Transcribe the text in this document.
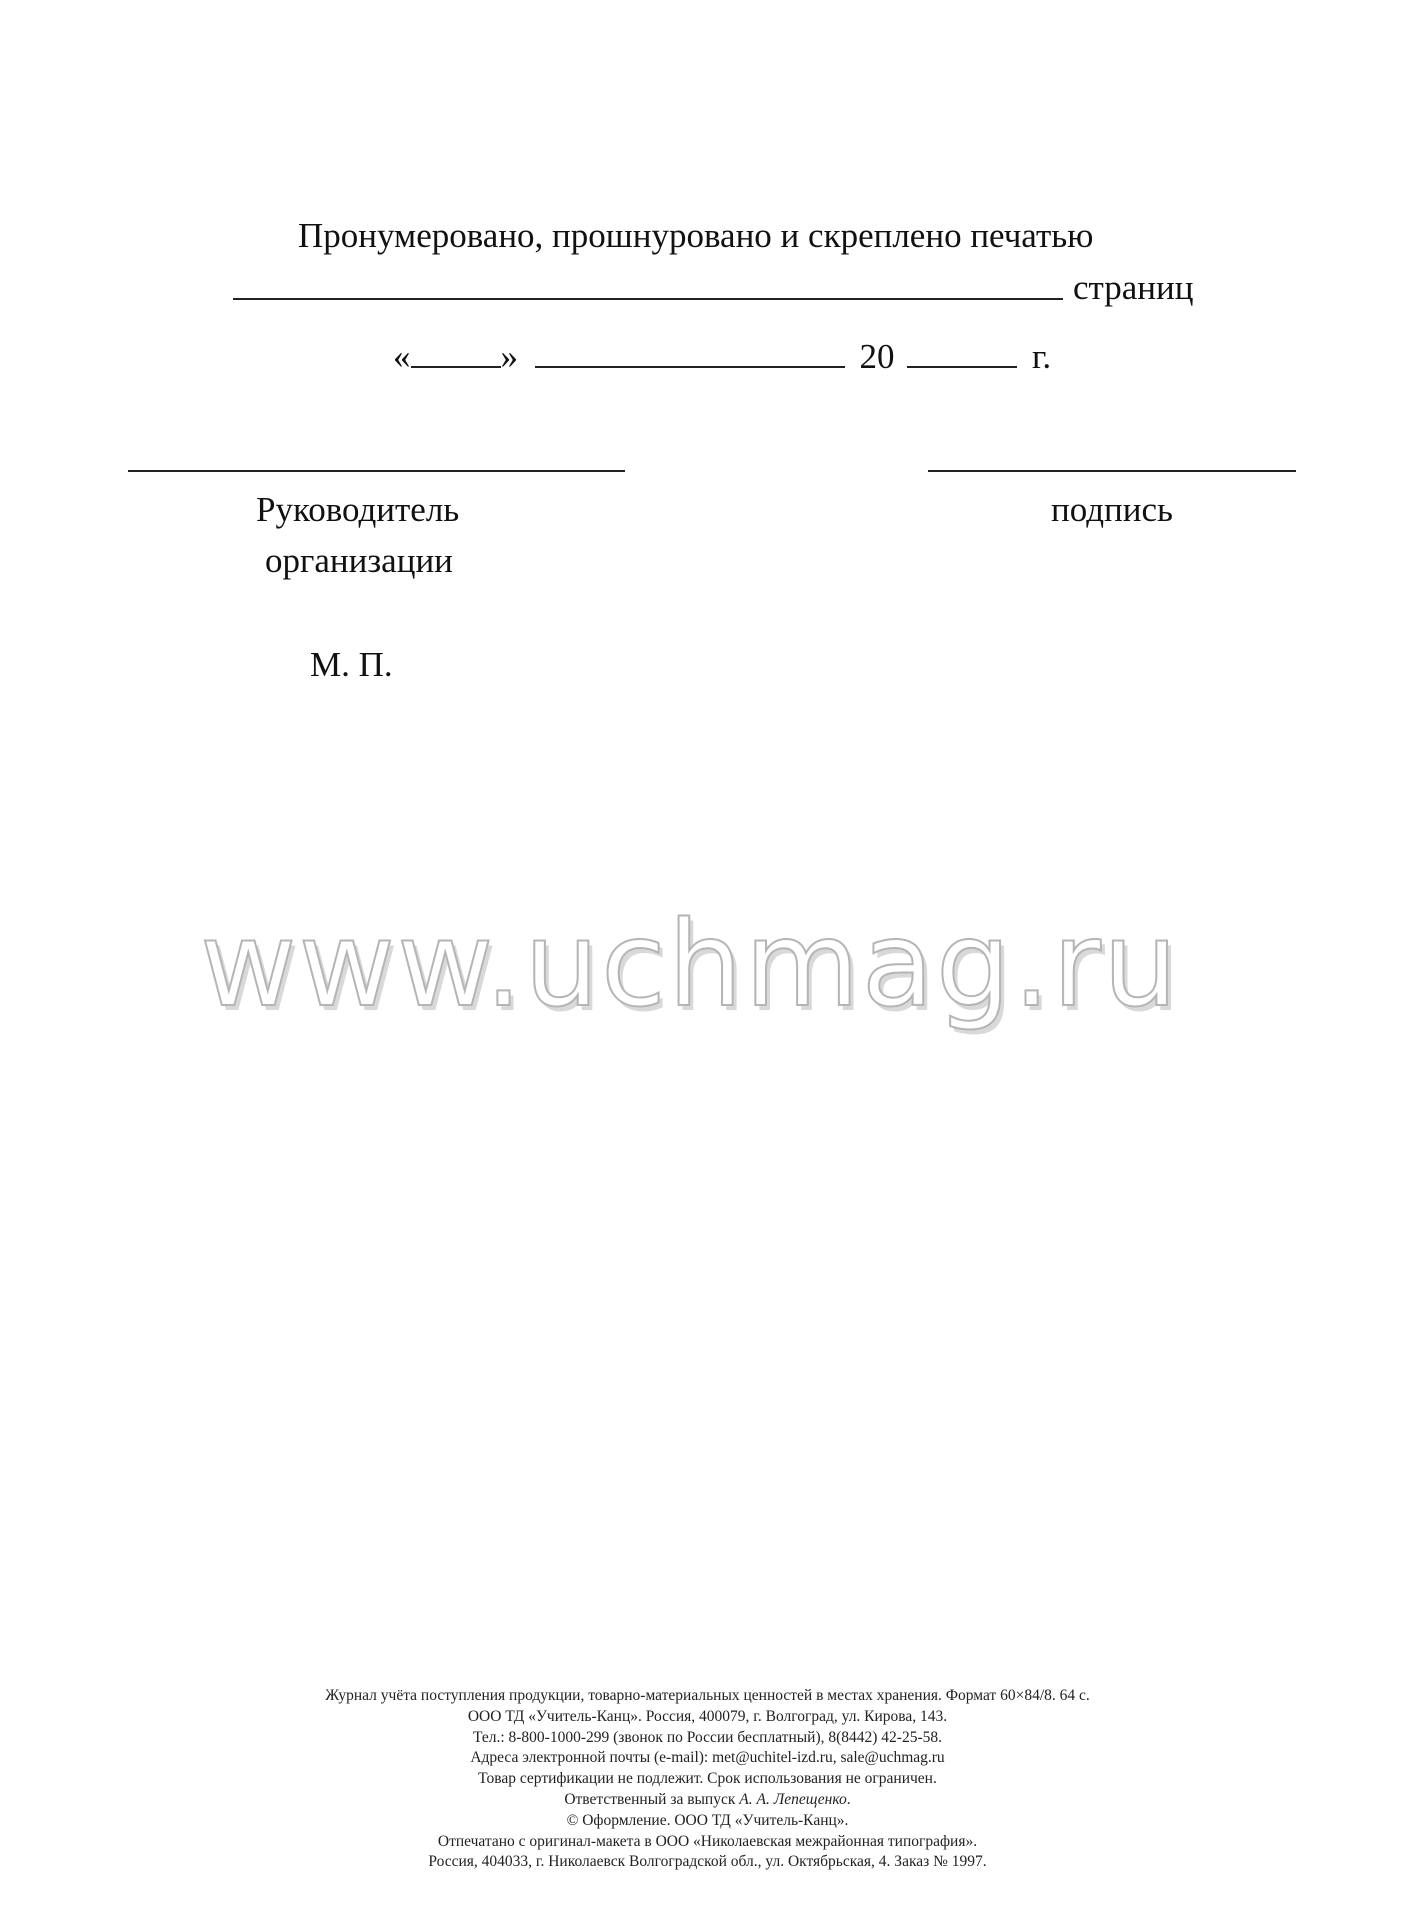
Пронумеровано, прошнуровано и скреплено печатью
страниц
«	»	20	г.
Руководитель
организации
подпись
М. П.
www.uchmag.ru
Журнал учёта поступления продукции, товарно-материальных ценностей в местах хранения. Формат 60×84/8. 64 с.
ООО ТД «Учитель-Канц». Россия, 400079, г. Волгоград, ул. Кирова, 143.
Тел.: 8-800-1000-299 (звонок по России бесплатный), 8(8442) 42-25-58.
Адреса электронной почты (e-mail): met@uchitel-izd.ru, sale@uchmag.ru
Товар сертификации не подлежит. Срок использования не ограничен.
Ответственный за выпуск А. А. Лепещенко.
© Оформление. ООО ТД «Учитель-Канц».
Отпечатано с оригинал-макета в ООО «Николаевская межрайонная типография».
Россия, 404033, г. Николаевск Волгоградской обл., ул. Октябрьская, 4. Заказ № 1997.
